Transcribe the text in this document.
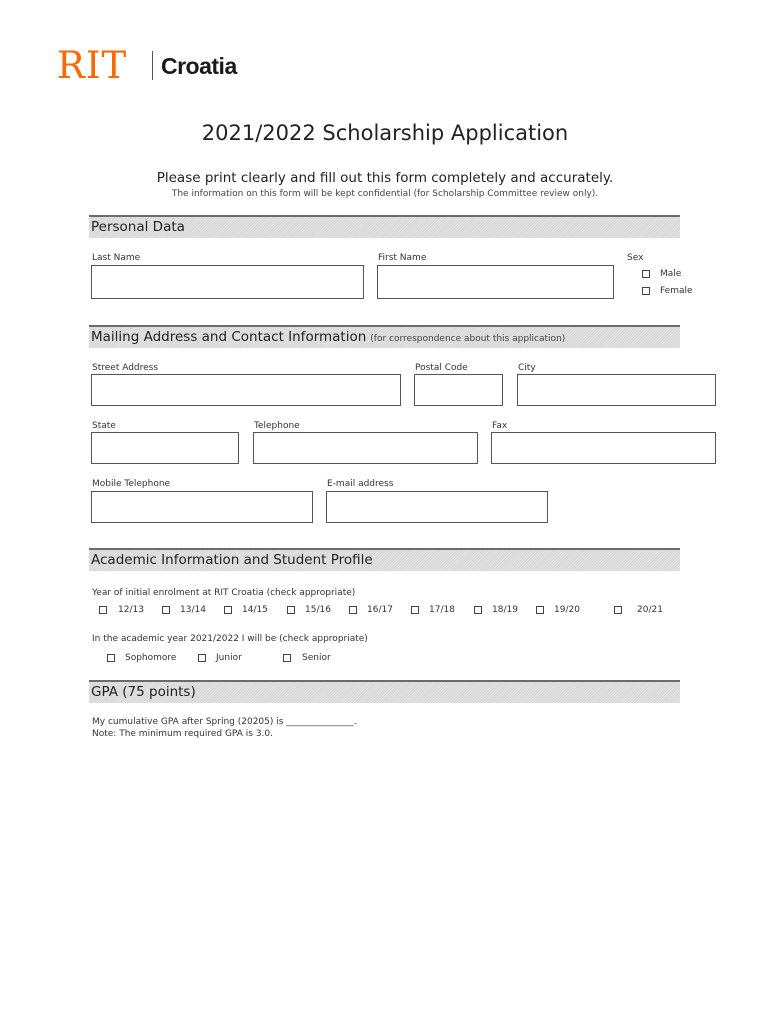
RIT Croatia
2021/2022 Scholarship Application
Please print clearly and fill out this form completely and accurately.
The information on this form will be kept confidential (for Scholarship Committee review only).
Personal Data
Last Name	First Name	Sex
Male
Female
Mailing Address and Contact Information (for correspondence about this application)
Street Address	Postal Code	City
State	Telephone	Fax
Mobile Telephone	E-mail address
Academic Information and Student Profile
Year of initial enrolment at RIT Croatia (check appropriate)
12/13	13/14	14/15	15/16	16/17	17/18	18/19	19/20	20/21
In the academic year 2021/2022 I will be (check appropriate)
Sophomore	Junior	Senior
GPA (75 points)
My cumulative GPA after Spring (20205) is _______________.
Note: The minimum required GPA is 3.0.
